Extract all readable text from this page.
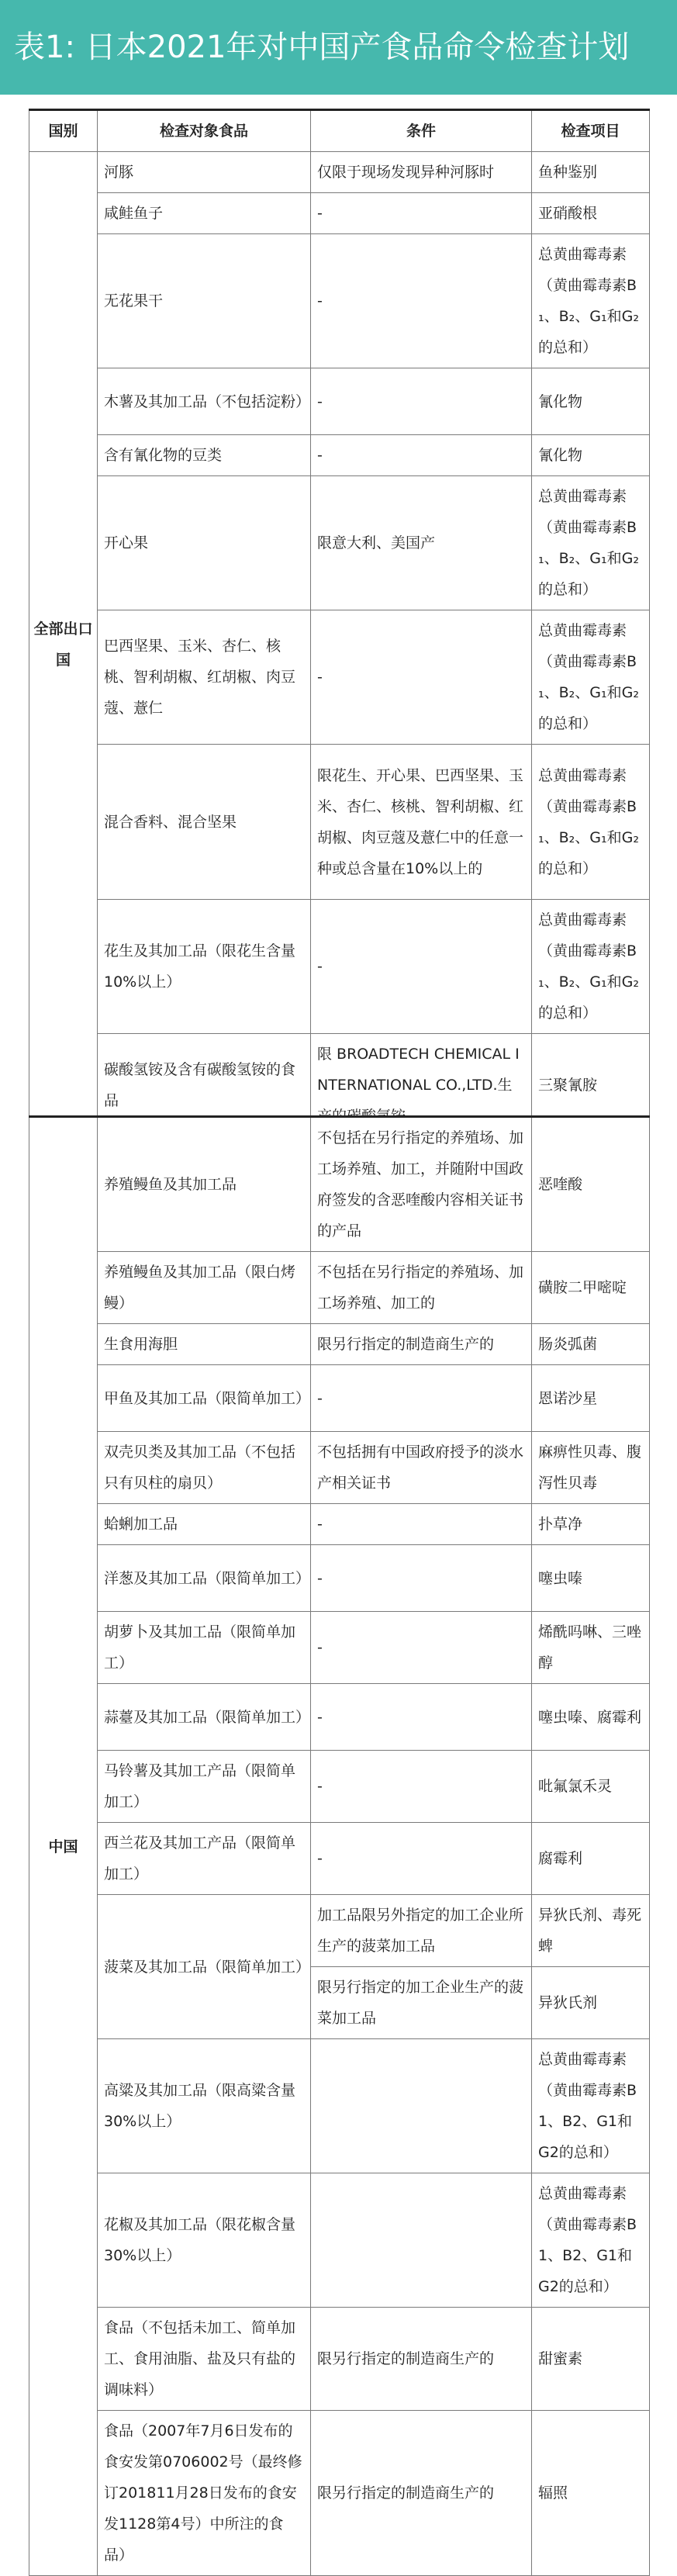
表1: 日本2021年对中国产食品命令检查计划
国别	检查对象食品	条件	检查项目
全部出口国	河豚	仅限于现场发现异种河豚时	鱼种鉴别
	咸鲑鱼子	-	亚硝酸根
	无花果干	-	总黄曲霉毒素（黄曲霉毒素B₁、B₂、G₁和G₂的总和）
	木薯及其加工品（不包括淀粉）	-	氰化物
	含有氰化物的豆类	-	氰化物
	开心果	限意大利、美国产	总黄曲霉毒素（黄曲霉毒素B₁、B₂、G₁和G₂的总和）
	巴西坚果、玉米、杏仁、核桃、智利胡椒、红胡椒、肉豆蔻、薏仁	-	总黄曲霉毒素（黄曲霉毒素B₁、B₂、G₁和G₂的总和）
	混合香料、混合坚果	限花生、开心果、巴西坚果、玉米、杏仁、核桃、智利胡椒、红胡椒、肉豆蔻及薏仁中的任意一种或总含量在10%以上的	总黄曲霉毒素（黄曲霉毒素B₁、B₂、G₁和G₂的总和）
	花生及其加工品（限花生含量10%以上）	-	总黄曲霉毒素（黄曲霉毒素B₁、B₂、G₁和G₂的总和）
	碳酸氢铵及含有碳酸氢铵的食品	限 BROADTECH CHEMICAL INTERNATIONAL CO.,LTD.生	三聚氰胺
中国	养殖鳗鱼及其加工品	不包括在另行指定的养殖场、加工场养殖、加工，并随附中国政府签发的含恶喹酸内容相关证书的产品	恶喹酸
	养殖鳗鱼及其加工品（限白烤鳗）	不包括在另行指定的养殖场、加工场养殖、加工的	磺胺二甲嘧啶
	生食用海胆	限另行指定的制造商生产的	肠炎弧菌
	甲鱼及其加工品（限简单加工）	-	恩诺沙星
	双壳贝类及其加工品（不包括只有贝柱的扇贝）	不包括拥有中国政府授予的淡水产相关证书	麻痹性贝毒、腹泻性贝毒
	蛤蜊加工品	-	扑草净
	洋葱及其加工品（限简单加工）	-	噻虫嗪
	胡萝卜及其加工品（限简单加工）	-	烯酰吗啉、三唑醇
	蒜薹及其加工品（限简单加工）	-	噻虫嗪、腐霉利
	马铃薯及其加工产品（限简单加工）	-	吡氟氯禾灵
	西兰花及其加工产品（限简单加工）	-	腐霉利
	菠菜及其加工品（限简单加工）	加工品限另外指定的加工企业所生产的菠菜加工品	异狄氏剂、毒死蜱
		限另行指定的加工企业生产的菠菜加工品	异狄氏剂
	高粱及其加工品（限高粱含量30%以上）		总黄曲霉毒素（黄曲霉毒素B1、B2、G1和G2的总和）
	花椒及其加工品（限花椒含量30%以上）		总黄曲霉毒素（黄曲霉毒素B1、B2、G1和G2的总和）
	食品（不包括未加工、简单加工、食用油脂、盐及只有盐的调味料）	限另行指定的制造商生产的	甜蜜素
	食品（2007年7月6日发布的食安发第0706002号（最终修订201811月28日发布的食安发1128第4号）中所注的食品）	限另行指定的制造商生产的	辐照
